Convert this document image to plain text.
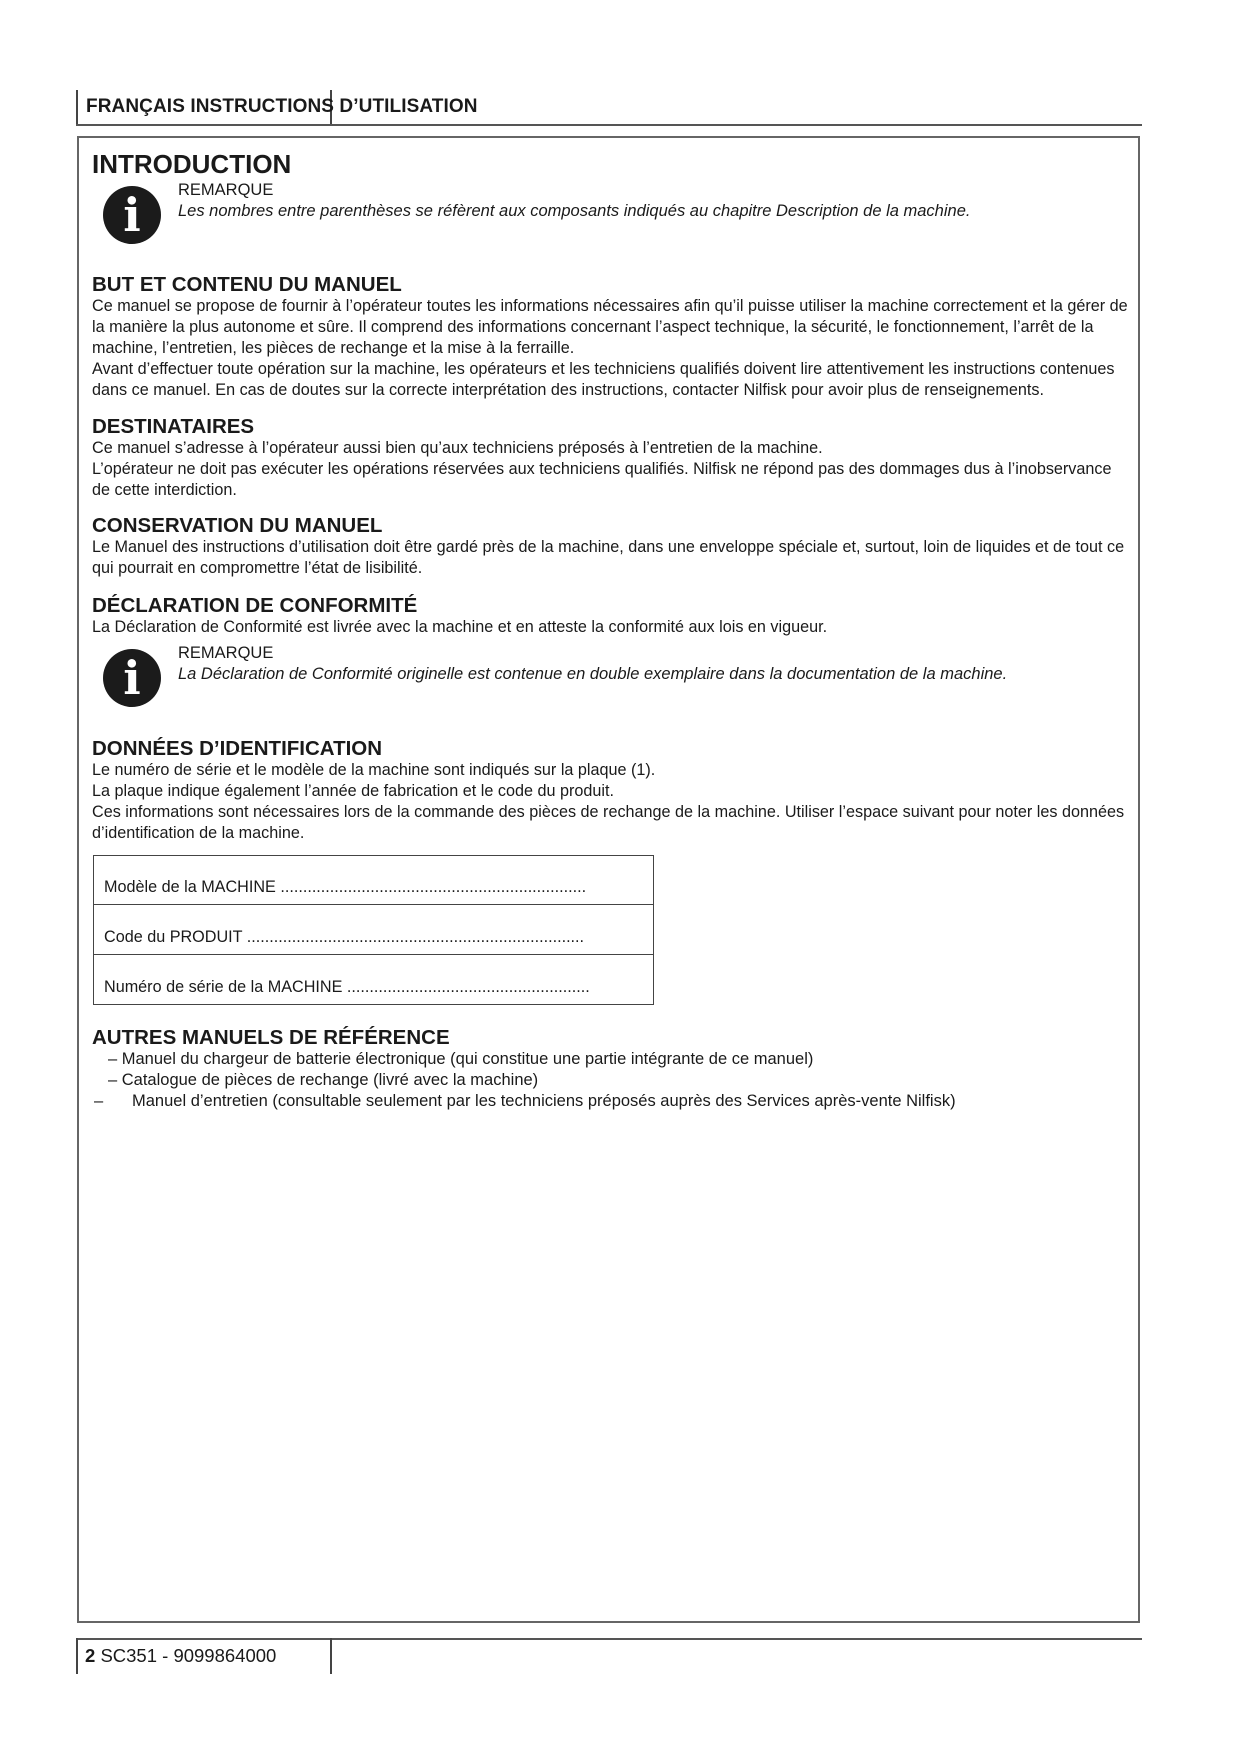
FRANÇAIS INSTRUCTIONS D’UTILISATION
INTRODUCTION
i	REMARQUE
Les nombres entre parenthèses se réfèrent aux composants indiqués au chapitre Description de la machine.
BUT ET CONTENU DU MANUEL

Ce manuel se propose de fournir à l’opérateur toutes les informations nécessaires afin qu’il puisse utiliser la machine correctement et la gérer de la manière la plus autonome et sûre. Il comprend des informations concernant l’aspect technique, la sécurité, le fonctionnement, l’arrêt de la machine, l’entretien, les pièces de rechange et la mise à la ferraille.

Avant d’effectuer toute opération sur la machine, les opérateurs et les techniciens qualifiés doivent lire attentivement les instructions contenues dans ce manuel. En cas de doutes sur la correcte interprétation des instructions, contacter Nilfisk pour avoir plus de renseignements.

DESTINATAIRES

Ce manuel s’adresse à l’opérateur aussi bien qu’aux techniciens préposés à l’entretien de la machine.

L’opérateur ne doit pas exécuter les opérations réservées aux techniciens qualifiés. Nilfisk ne répond pas des dommages dus à l’inobservance de cette interdiction.

CONSERVATION DU MANUEL

Le Manuel des instructions d’utilisation doit être gardé près de la machine, dans une enveloppe spéciale et, surtout, loin de liquides et de tout ce qui pourrait en compromettre l’état de lisibilité.

DÉCLARATION DE CONFORMITÉ

La Déclaration de Conformité est livrée avec la machine et en atteste la conformité aux lois en vigueur.

i	REMARQUE
La Déclaration de Conformité originelle est contenue en double exemplaire dans la documentation de la machine.
DONNÉES D’IDENTIFICATION

Le numéro de série et le modèle de la machine sont indiqués sur la plaque (1).

La plaque indique également l’année de fabrication et le code du produit.

Ces informations sont nécessaires lors de la commande des pièces de rechange de la machine. Utiliser l’espace suivant pour noter les données d’identification de la machine.

Modèle de la MACHINE ....................................................................
Code du PRODUIT ...........................................................................
Numéro de série de la MACHINE ......................................................
AUTRES MANUELS DE RÉFÉRENCE

– Manuel du chargeur de batterie électronique (qui constitue une partie intégrante de ce manuel)

– Catalogue de pièces de rechange (livré avec la machine)

– Manuel d’entretien (consultable seulement par les techniciens préposés auprès des Services après-vente Nilfisk)

2 SC351 - 9099864000
